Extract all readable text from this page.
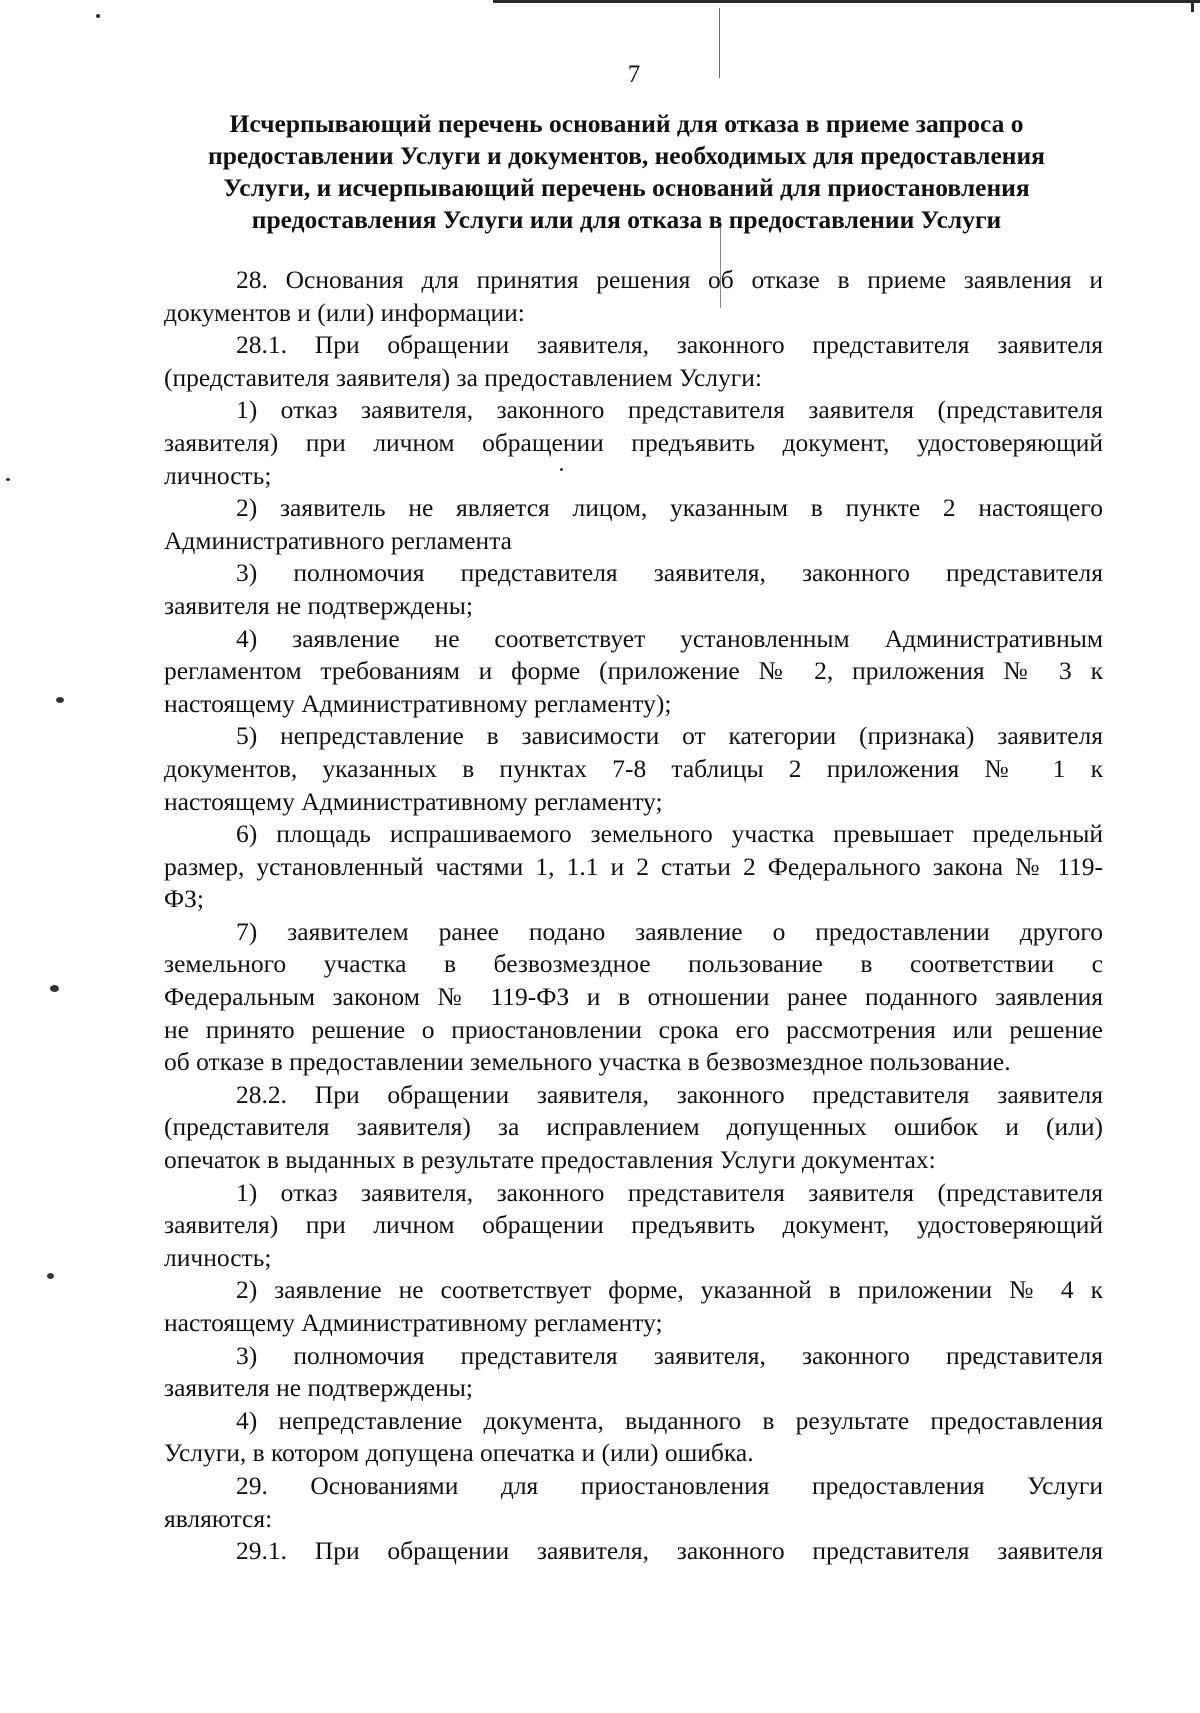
7
Исчерпывающий перечень оснований для отказа в приеме запроса о
предоставлении Услуги и документов, необходимых для предоставления
Услуги, и исчерпывающий перечень оснований для приостановления
предоставления Услуги или для отказа в предоставлении Услуги
28. Основания для принятия решения об отказе в приеме заявления и
документов и (или) информации:
28.1. При обращении заявителя, законного представителя заявителя
(представителя заявителя) за предоставлением Услуги:
1) отказ заявителя, законного представителя заявителя (представителя
заявителя) при личном обращении предъявить документ, удостоверяющий
личность;
2) заявитель не является лицом, указанным в пункте 2 настоящего
Административного регламента
3) полномочия представителя заявителя, законного представителя
заявителя не подтверждены;
4) заявление не соответствует установленным Административным
регламентом требованиям и форме (приложение № 2, приложения № 3 к
настоящему Административному регламенту);
5) непредставление в зависимости от категории (признака) заявителя
документов, указанных в пунктах 7-8 таблицы 2 приложения № 1 к
настоящему Административному регламенту;
6) площадь испрашиваемого земельного участка превышает предельный
размер, установленный частями 1, 1.1 и 2 статьи 2 Федерального закона № 119-
ФЗ;
7) заявителем ранее подано заявление о предоставлении другого
земельного участка в безвозмездное пользование в соответствии с
Федеральным законом № 119-ФЗ и в отношении ранее поданного заявления
не принято решение о приостановлении срока его рассмотрения или решение
об отказе в предоставлении земельного участка в безвозмездное пользование.
28.2. При обращении заявителя, законного представителя заявителя
(представителя заявителя) за исправлением допущенных ошибок и (или)
опечаток в выданных в результате предоставления Услуги документах:
1) отказ заявителя, законного представителя заявителя (представителя
заявителя) при личном обращении предъявить документ, удостоверяющий
личность;
2) заявление не соответствует форме, указанной в приложении № 4 к
настоящему Административному регламенту;
3) полномочия представителя заявителя, законного представителя
заявителя не подтверждены;
4) непредставление документа, выданного в результате предоставления
Услуги, в котором допущена опечатка и (или) ошибка.
29. Основаниями для приостановления предоставления Услуги
являются:
29.1. При обращении заявителя, законного представителя заявителя
